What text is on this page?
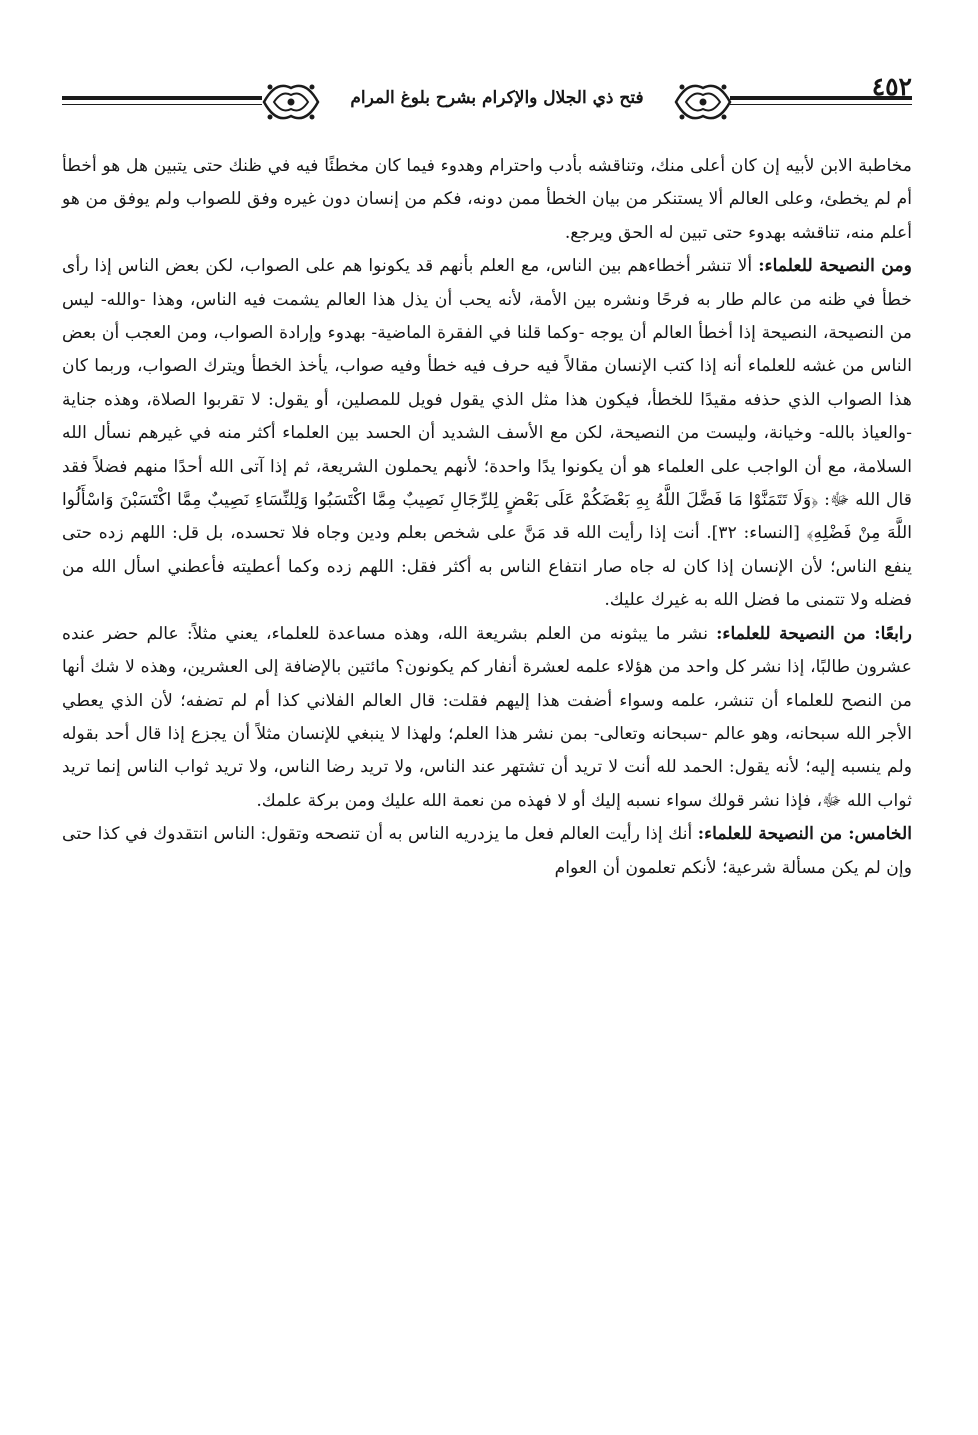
فتح ذي الجلال والإكرام بشرح بلوغ المرام	٤٥٢

مخاطبة الابن لأبيه إن كان أعلى منك، وتناقشه بأدب واحترام وهدوء فيما كان مخطئًا فيه في ظنك حتى يتبين هل هو أخطأ أم لم يخطئ، وعلى العالم ألا يستنكر من بيان الخطأ ممن دونه، فكم من إنسان دون غيره وفق للصواب ولم يوفق من هو أعلم منه، تناقشه بهدوء حتى تبين له الحق ويرجع.

ومن النصيحة للعلماء: ألا تنشر أخطاءهم بين الناس، مع العلم بأنهم قد يكونوا هم على الصواب، لكن بعض الناس إذا رأى خطأ في ظنه من عالم طار به فرحًا ونشره بين الأمة، لأنه يحب أن يذل هذا العالم يشمت فيه الناس، وهذا -والله- ليس من النصيحة، النصيحة إذا أخطأ العالم أن يوجه -وكما قلنا في الفقرة الماضية- بهدوء وإرادة الصواب، ومن العجب أن بعض الناس من غشه للعلماء أنه إذا كتب الإنسان مقالاً فيه حرف فيه خطأ وفيه صواب، يأخذ الخطأ ويترك الصواب، وربما كان هذا الصواب الذي حذفه مقيدًا للخطأ، فيكون هذا مثل الذي يقول فويل للمصلين، أو يقول: لا تقربوا الصلاة، وهذه جناية -والعياذ بالله- وخيانة، وليست من النصيحة، لكن مع الأسف الشديد أن الحسد بين العلماء أكثر منه في غيرهم نسأل الله السلامة، مع أن الواجب على العلماء هو أن يكونوا يدًا واحدة؛ لأنهم يحملون الشريعة، ثم إذا آتى الله أحدًا منهم فضلاً فقد قال الله ﷻ: ﴿وَلَا تَتَمَنَّوْا مَا فَضَّلَ اللَّهُ بِهِ بَعْضَكُمْ عَلَى بَعْضٍ لِلرِّجَالِ نَصِيبٌ مِمَّا اكْتَسَبُوا وَلِلنِّسَاءِ نَصِيبٌ مِمَّا اكْتَسَبْنَ وَاسْأَلُوا اللَّهَ مِنْ فَضْلِهِ﴾ [النساء: ٣٢]. أنت إذا رأيت الله قد مَنَّ على شخص بعلم ودين وجاه فلا تحسده، بل قل: اللهم زده حتى ينفع الناس؛ لأن الإنسان إذا كان له جاه صار انتفاع الناس به أكثر فقل: اللهم زده وكما أعطيته فأعطني اسأل الله من فضله ولا تتمنى ما فضل الله به غيرك عليك.

رابعًا: من النصيحة للعلماء: نشر ما يبثونه من العلم بشريعة الله، وهذه مساعدة للعلماء، يعني مثلاً: عالم حضر عنده عشرون طالبًا، إذا نشر كل واحد من هؤلاء علمه لعشرة أنفار كم يكونون؟ مائتين بالإضافة إلى العشرين، وهذه لا شك أنها من النصح للعلماء أن تنشر، علمه وسواء أضفت هذا إليهم فقلت: قال العالم الفلاني كذا أم لم تضفه؛ لأن الذي يعطي الأجر الله سبحانه، وهو عالم -سبحانه وتعالى- بمن نشر هذا العلم؛ ولهذا لا ينبغي للإنسان مثلاً أن يجزع إذا قال أحد بقوله ولم ينسبه إليه؛ لأنه يقول: الحمد لله أنت لا تريد أن تشتهر عند الناس، ولا تريد رضا الناس، ولا تريد ثواب الناس إنما تريد ثواب الله ﷻ، فإذا نشر قولك سواء نسبه إليك أو لا فهذه من نعمة الله عليك ومن بركة علمك.

الخامس: من النصيحة للعلماء: أنك إذا رأيت العالم فعل ما يزدريه الناس به أن تنصحه وتقول: الناس انتقدوك في كذا حتى وإن لم يكن مسألة شرعية؛ لأنكم تعلمون أن العوام
